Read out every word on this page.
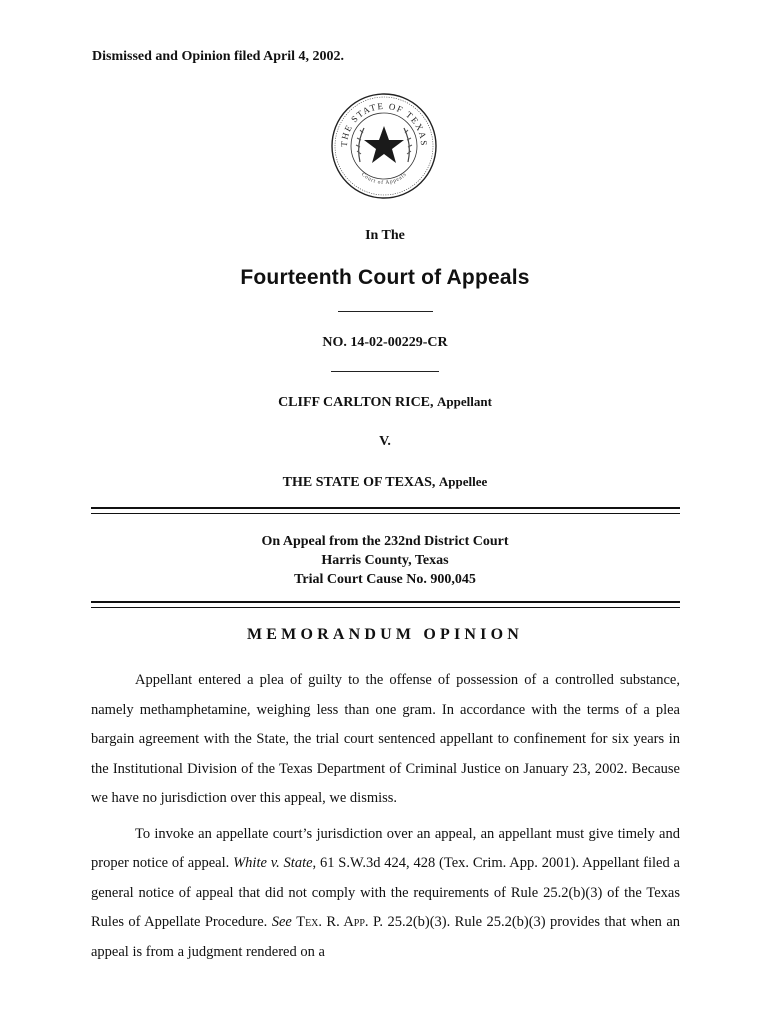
Dismissed and Opinion filed April 4, 2002.
THE STATE OF TEXAS
Court of Appeals
In The
Fourteenth Court of Appeals
NO. 14-02-00229-CR
CLIFF CARLTON RICE, Appellant
V.
THE STATE OF TEXAS, Appellee
On Appeal from the 232nd District Court
Harris County, Texas
Trial Court Cause No. 900,045
MEMORANDUM OPINION

Appellant entered a plea of guilty to the offense of possession of a controlled substance, namely methamphetamine, weighing less than one gram. In accordance with the terms of a plea bargain agreement with the State, the trial court sentenced appellant to confinement for six years in the Institutional Division of the Texas Department of Criminal Justice on January 23, 2002. Because we have no jurisdiction over this appeal, we dismiss.

To invoke an appellate court’s jurisdiction over an appeal, an appellant must give timely and proper notice of appeal. White v. State, 61 S.W.3d 424, 428 (Tex. Crim. App. 2001). Appellant filed a general notice of appeal that did not comply with the requirements of Rule 25.2(b)(3) of the Texas Rules of Appellate Procedure. See Tex. R. App. P. 25.2(b)(3). Rule 25.2(b)(3) provides that when an appeal is from a judgment rendered on a
